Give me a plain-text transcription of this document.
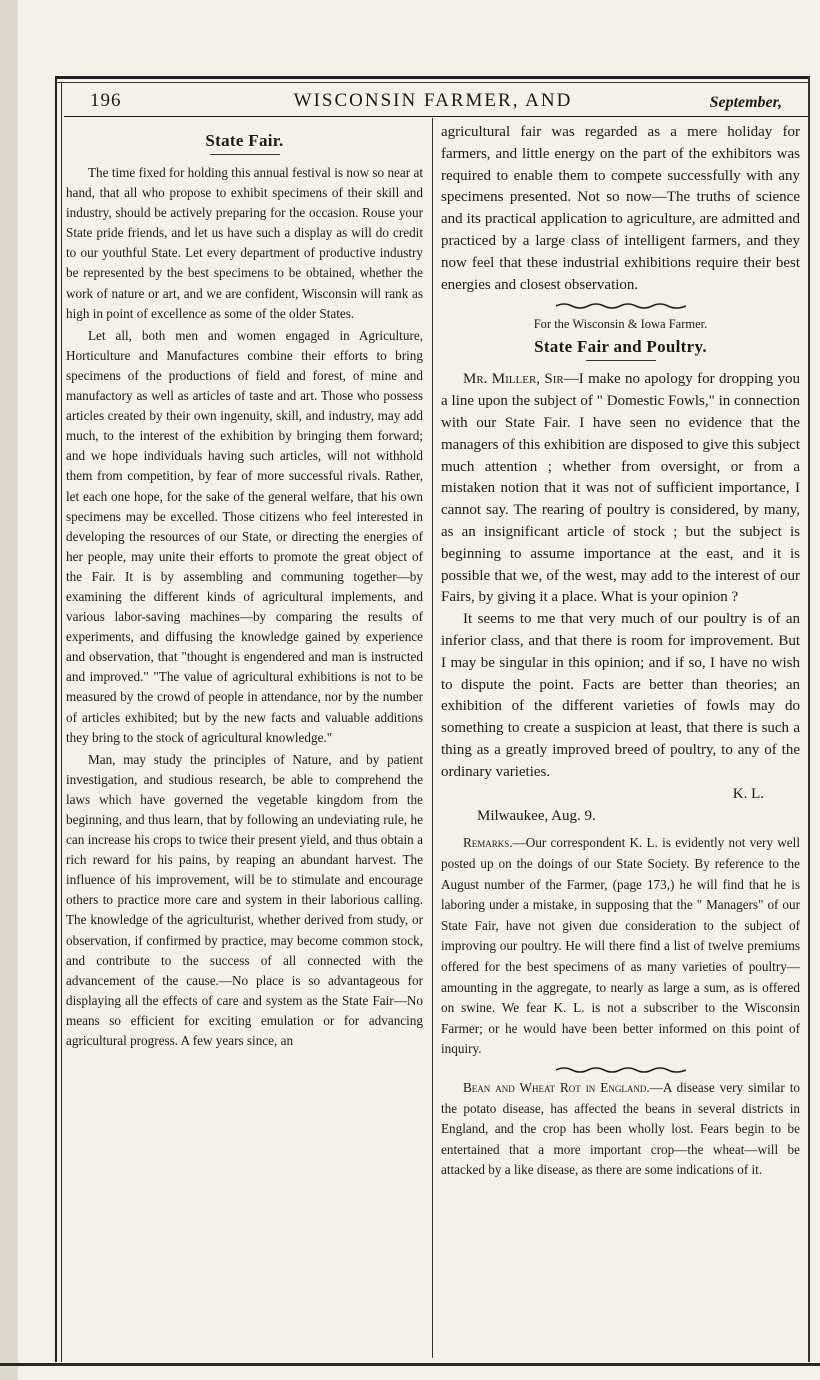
196	WISCONSIN FARMER, AND	September,
State Fair.

The time fixed for holding this annual festival is now so near at hand, that all who propose to exhibit specimens of their skill and industry, should be actively preparing for the occasion. Rouse your State pride friends, and let us have such a display as will do credit to our youthful State. Let every department of productive industry be represented by the best specimens to be obtained, whether the work of nature or art, and we are confident, Wisconsin will rank as high in point of excellence as some of the older States.

Let all, both men and women engaged in Agriculture, Horticulture and Manufactures combine their efforts to bring specimens of the productions of field and forest, of mine and manufactory as well as articles of taste and art. Those who possess articles created by their own ingenuity, skill, and industry, may add much, to the interest of the exhibition by bringing them forward; and we hope individuals having such articles, will not withhold them from competition, by fear of more successful rivals. Rather, let each one hope, for the sake of the general welfare, that his own specimens may be excelled. Those citizens who feel interested in developing the resources of our State, or directing the energies of her people, may unite their efforts to promote the great object of the Fair. It is by assembling and communing together—by examining the different kinds of agricultural implements, and various labor-saving machines—by comparing the results of experiments, and diffusing the knowledge gained by experience and observation, that "thought is engendered and man is instructed and improved." "The value of agricultural exhibitions is not to be measured by the crowd of people in attendance, nor by the number of articles exhibited; but by the new facts and valuable additions they bring to the stock of agricultural knowledge."

Man, may study the principles of Nature, and by patient investigation, and studious research, be able to comprehend the laws which have governed the vegetable kingdom from the beginning, and thus learn, that by following an undeviating rule, he can increase his crops to twice their present yield, and thus obtain a rich reward for his pains, by reaping an abundant harvest. The influence of his improvement, will be to stimulate and encourage others to practice more care and system in their laborious calling. The knowledge of the agriculturist, whether derived from study, or observation, if confirmed by practice, may become common stock, and contribute to the success of all connected with the advancement of the cause.—No place is so advantageous for displaying all the effects of care and system as the State Fair—No means so efficient for exciting emulation or for advancing agricultural progress. A few years since, an

agricultural fair was regarded as a mere holiday for farmers, and little energy on the part of the exhibitors was required to enable them to compete successfully with any specimens presented. Not so now—The truths of science and its practical application to agriculture, are admitted and practiced by a large class of intelligent farmers, and they now feel that these industrial exhibitions require their best energies and closest observation.

For the Wisconsin & Iowa Farmer.
State Fair and Poultry.

Mr. Miller, Sir—I make no apology for dropping you a line upon the subject of " Domestic Fowls," in connection with our State Fair. I have seen no evidence that the managers of this exhibition are disposed to give this subject much attention ; whether from oversight, or from a mistaken notion that it was not of sufficient importance, I cannot say. The rearing of poultry is considered, by many, as an insignificant article of stock ; but the subject is beginning to assume importance at the east, and it is possible that we, of the west, may add to the interest of our Fairs, by giving it a place. What is your opinion ?

It seems to me that very much of our poultry is of an inferior class, and that there is room for improvement. But I may be singular in this opinion; and if so, I have no wish to dispute the point. Facts are better than theories; an exhibition of the different varieties of fowls may do something to create a suspicion at least, that there is such a thing as a greatly improved breed of poultry, to any of the ordinary varieties.

K. L.

Milwaukee, Aug. 9.

Remarks.—Our correspondent K. L. is evidently not very well posted up on the doings of our State Society. By reference to the August number of the Farmer, (page 173,) he will find that he is laboring under a mistake, in supposing that the " Managers" of our State Fair, have not given due consideration to the subject of improving our poultry. He will there find a list of twelve premiums offered for the best specimens of as many varieties of poultry—amounting in the aggregate, to nearly as large a sum, as is offered on swine. We fear K. L. is not a subscriber to the Wisconsin Farmer; or he would have been better informed on this point of inquiry.

Bean and Wheat Rot in England.—A disease very similar to the potato disease, has affected the beans in several districts in England, and the crop has been wholly lost. Fears begin to be entertained that a more important crop—the wheat—will be attacked by a like disease, as there are some indications of it.
